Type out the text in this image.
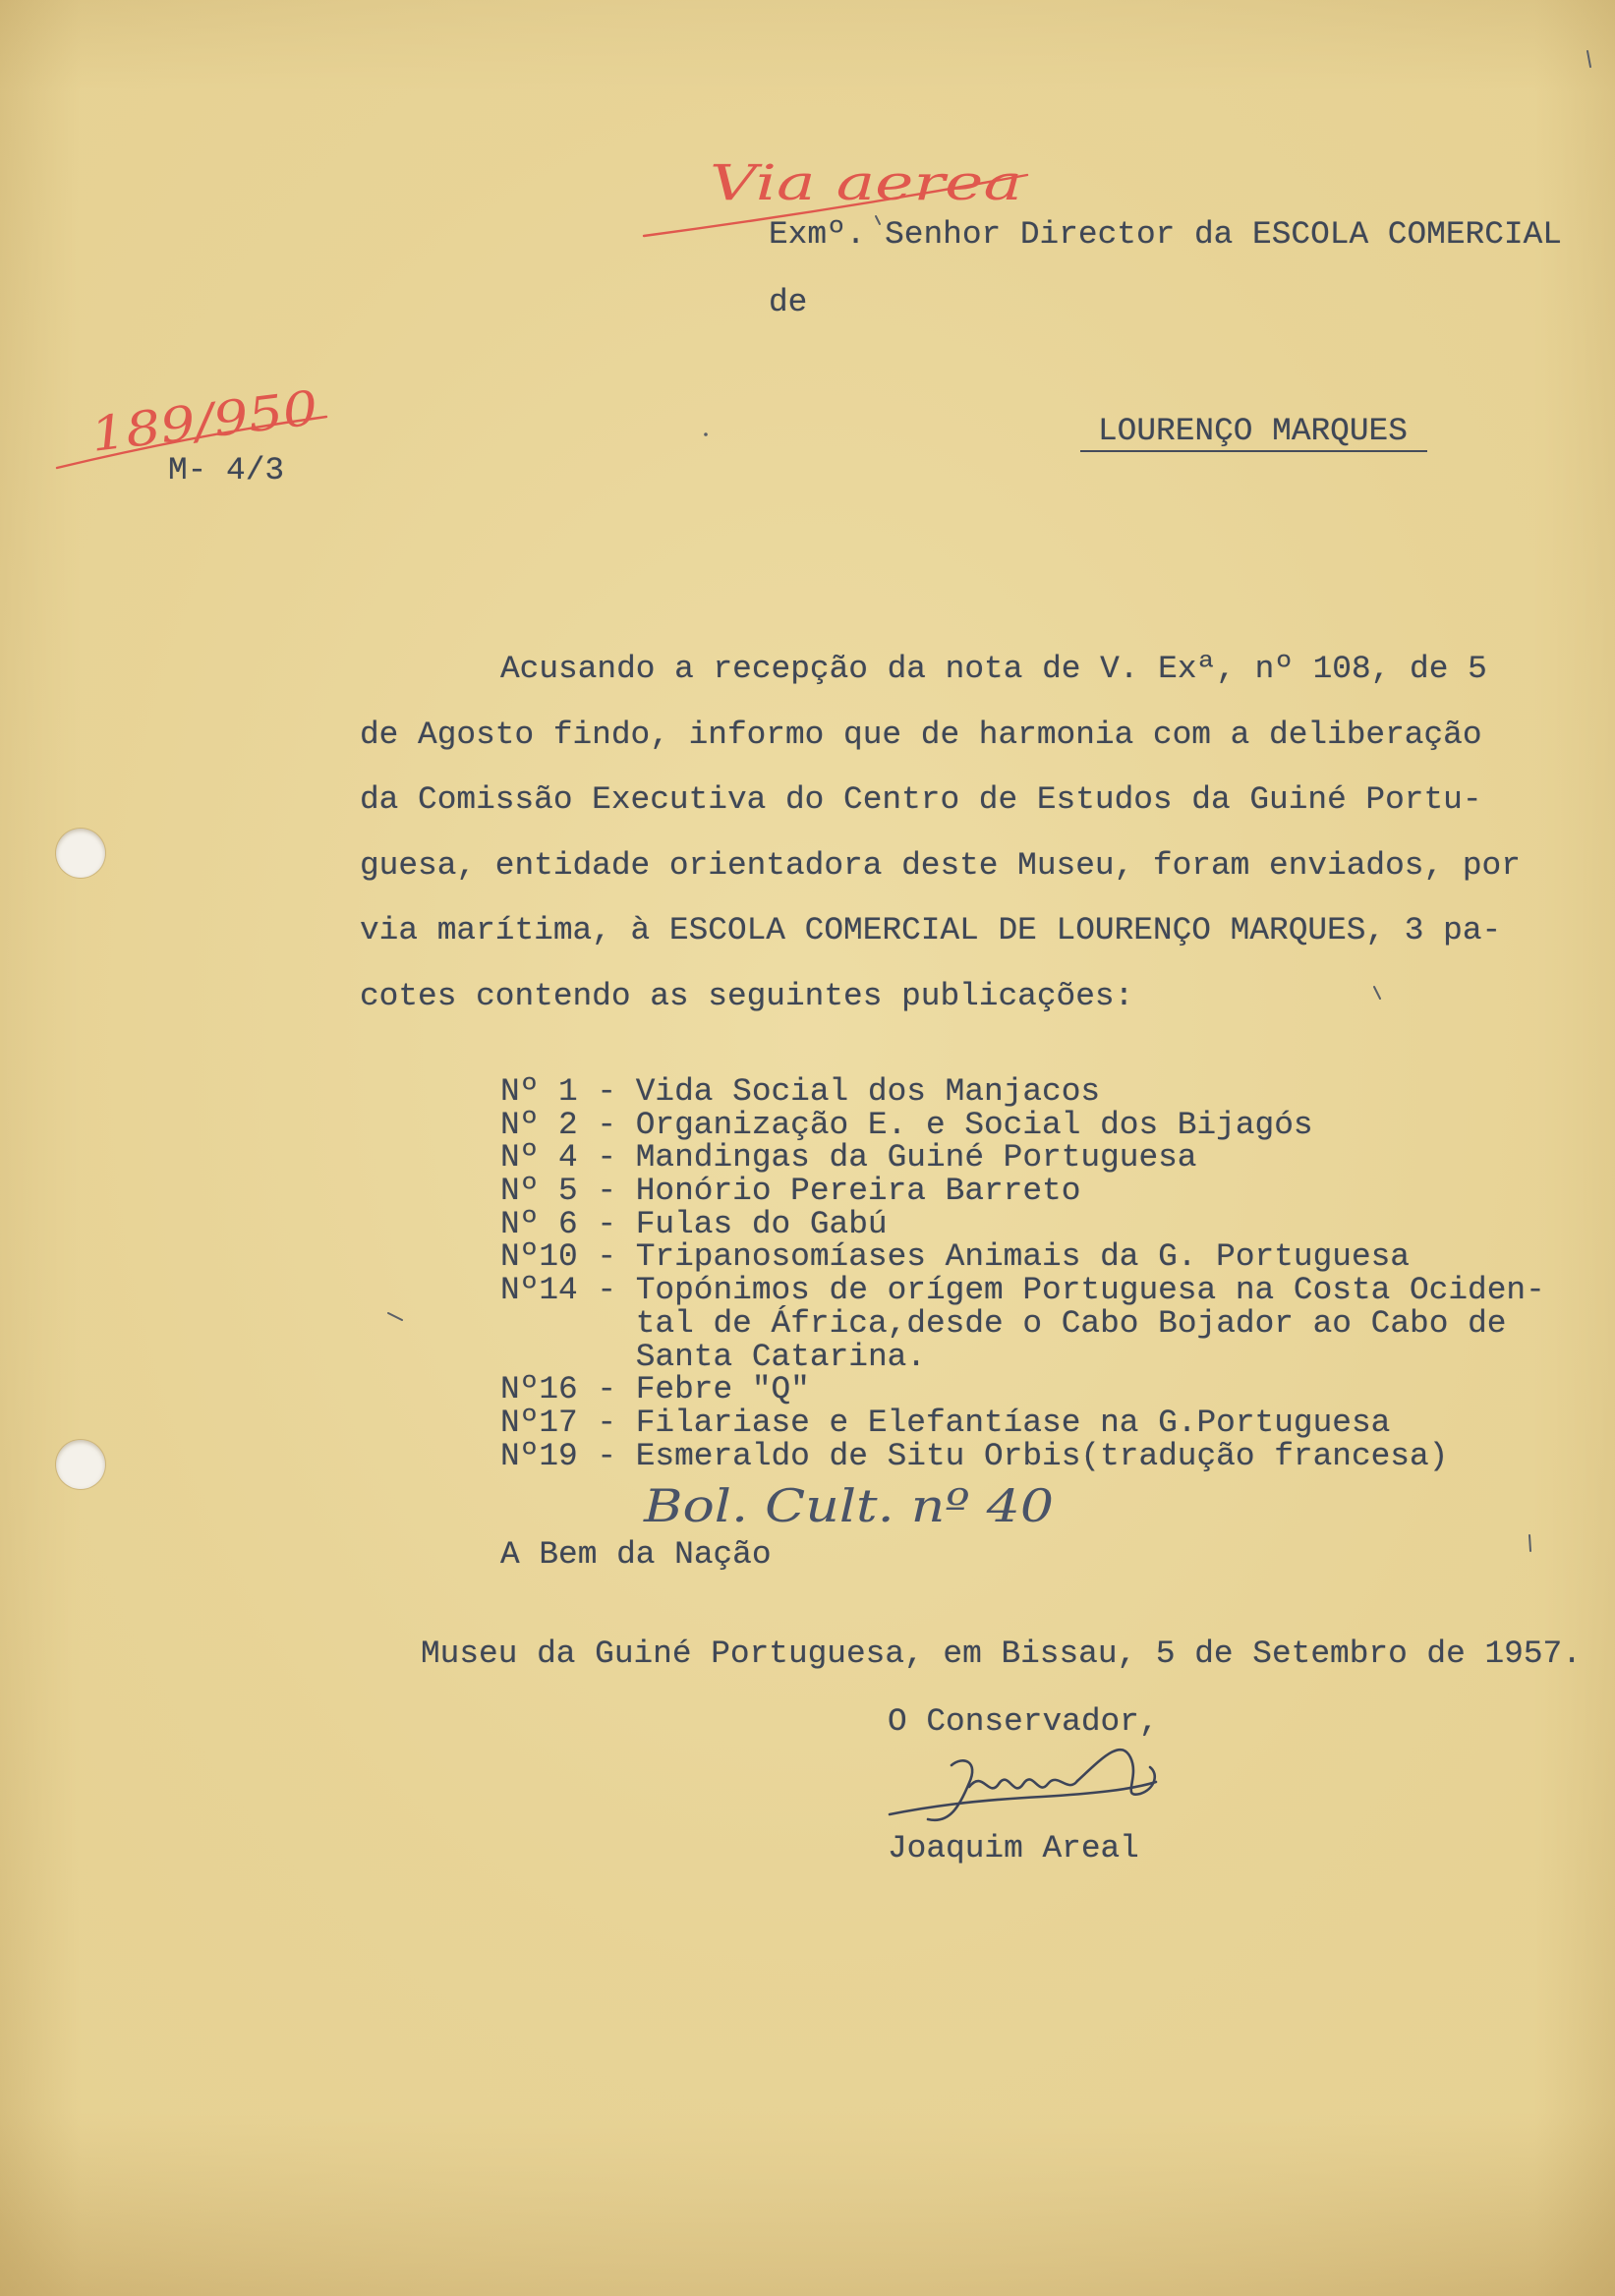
Exmº. Senhor Director da ESCOLA COMERCIAL
de
LOURENÇO MARQUES
M- 4/3
Acusando a recepção da nota de V. Exª, nº 108, de 5
de Agosto findo, informo que de harmonia com a deliberação
da Comissão Executiva do Centro de Estudos da Guiné Portu-
guesa, entidade orientadora deste Museu, foram enviados, por
via marítima, à ESCOLA COMERCIAL DE LOURENÇO MARQUES, 3 pa-
cotes contendo as seguintes publicações:
Nº 1 - Vida Social dos Manjacos
Nº 2 - Organização E. e Social dos Bijagós
Nº 4 - Mandingas da Guiné Portuguesa
Nº 5 - Honório Pereira Barreto
Nº 6 - Fulas do Gabú
Nº10 - Tripanosomíases Animais da G. Portuguesa
Nº14 - Topónimos de orígem Portuguesa na Costa Ociden-
tal de África,desde o Cabo Bojador ao Cabo de
Santa Catarina.
Nº16 - Febre "Q"
Nº17 - Filariase e Elefantíase na G.Portuguesa
Nº19 - Esmeraldo de Situ Orbis(tradução francesa)
A Bem da Nação
Museu da Guiné Portuguesa, em Bissau, 5 de Setembro de 1957.
O Conservador,
Joaquim Areal
Via aerea
189/950
Bol. Cult. nº 40
